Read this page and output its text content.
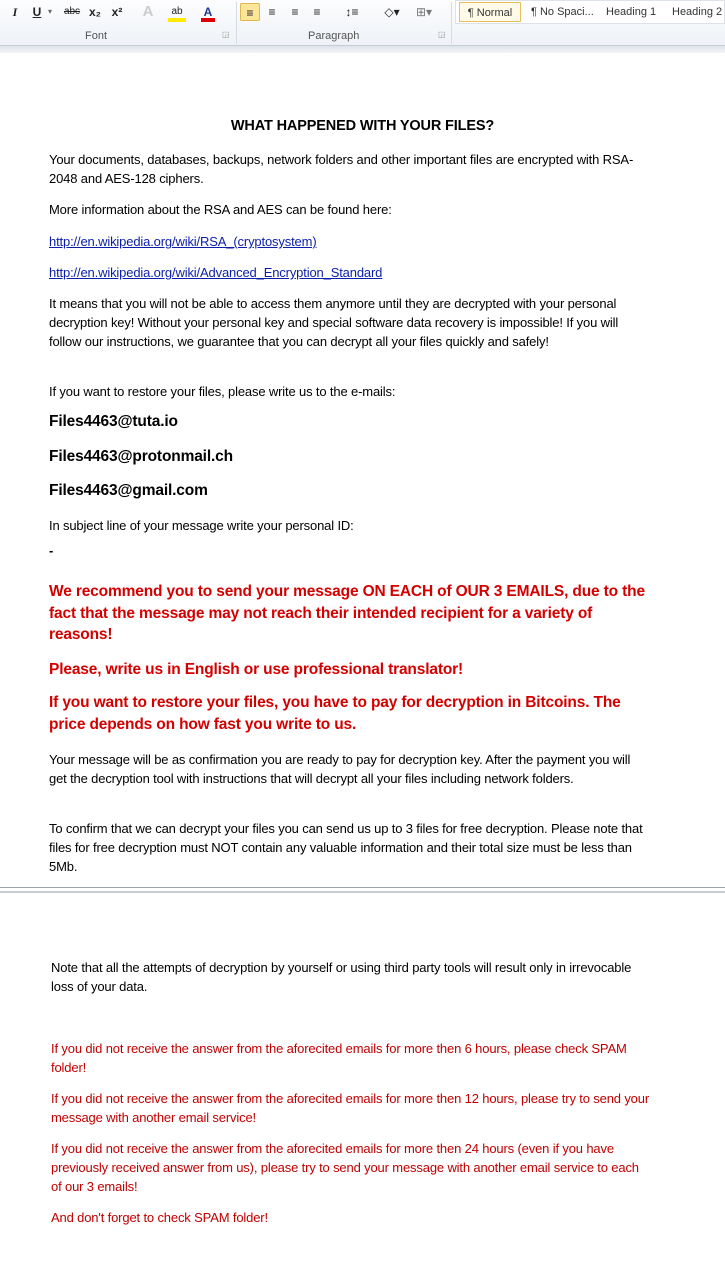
I	U ▾ abc x₂ x² A	ab A	≡	≡	≡	≡	↕≡	◇▾	⊞▾
Font	◲	Paragraph	◲
¶ Normal	¶ No Spaci... Heading 1 Heading 2
WHAT HAPPENED WITH YOUR FILES?
Your documents, databases, backups, network folders and other important files are encrypted with RSA-2048 and AES-128 ciphers.
More information about the RSA and AES can be found here:
http://en.wikipedia.org/wiki/RSA_(cryptosystem)
http://en.wikipedia.org/wiki/Advanced_Encryption_Standard
It means that you will not be able to access them anymore until they are decrypted with your personal decryption key! Without your personal key and special software data recovery is impossible! If you will follow our instructions, we guarantee that you can decrypt all your files quickly and safely!
If you want to restore your files, please write us to the e-mails:
Files4463@tuta.io
Files4463@protonmail.ch
Files4463@gmail.com
In subject line of your message write your personal ID:
-
We recommend you to send your message ON EACH of OUR 3 EMAILS, due to the fact that the message may not reach their intended recipient for a variety of reasons!
Please, write us in English or use professional translator!
If you want to restore your files, you have to pay for decryption in Bitcoins. The price depends on how fast you write to us.
Your message will be as confirmation you are ready to pay for decryption key. After the payment you will get the decryption tool with instructions that will decrypt all your files including network folders.
To confirm that we can decrypt your files you can send us up to 3 files for free decryption. Please note that files for free decryption must NOT contain any valuable information and their total size must be less than 5Mb.
Note that all the attempts of decryption by yourself or using third party tools will result only in irrevocable loss of your data.
If you did not receive the answer from the aforecited emails for more then 6 hours, please check SPAM folder!
If you did not receive the answer from the aforecited emails for more then 12 hours, please try to send your message with another email service!
If you did not receive the answer from the aforecited emails for more then 24 hours (even if you have previously received answer from us), please try to send your message with another email service to each of our 3 emails!
And don't forget to check SPAM folder!
